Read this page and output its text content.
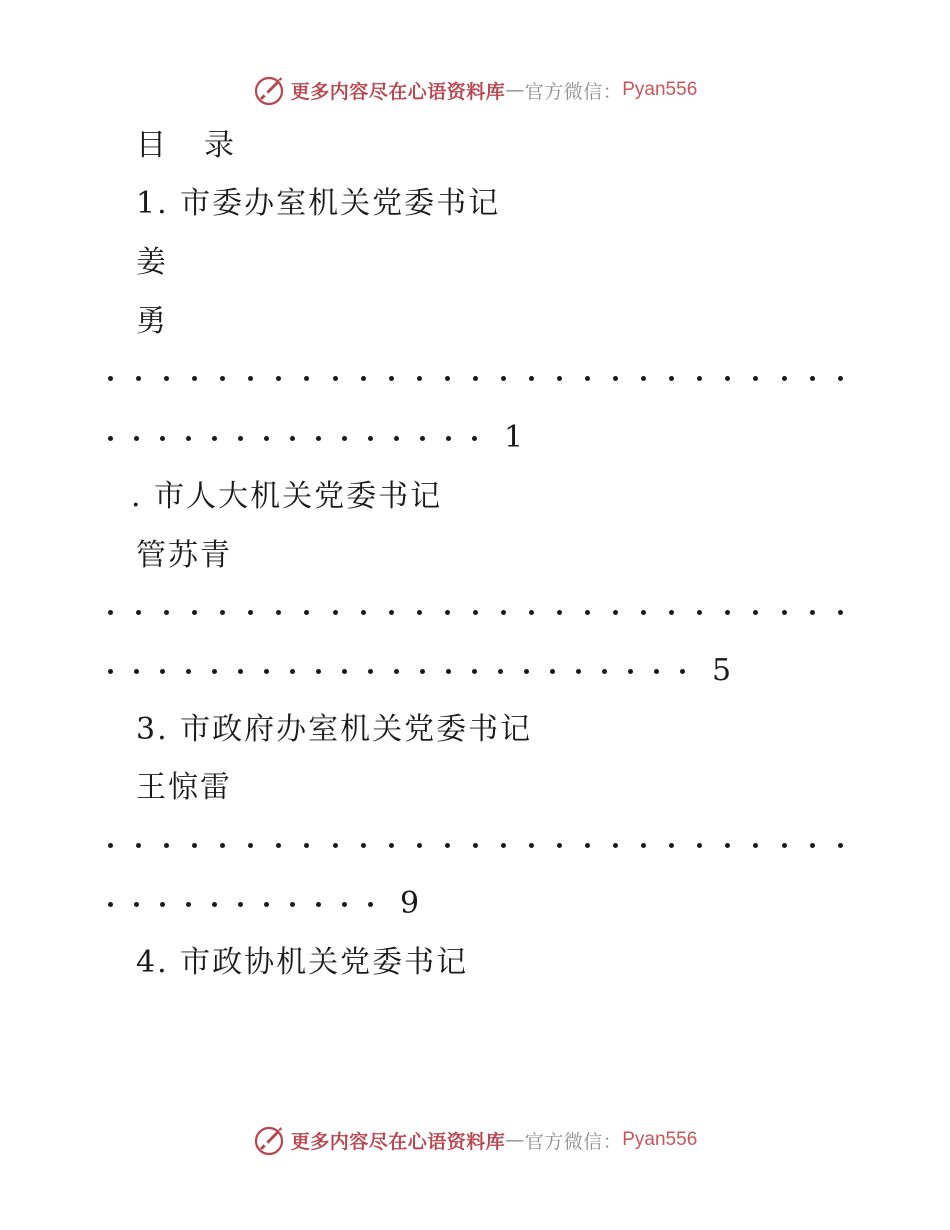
更多内容尽在心语资料库 — 官方微信： Pyan556
目 录
1. 市委办室机关党委书记
姜
勇
1
. 市人大机关党委书记
管苏青
5
3. 市政府办室机关党委书记
王惊雷
9
4. 市政协机关党委书记
更多内容尽在心语资料库 — 官方微信： Pyan556
